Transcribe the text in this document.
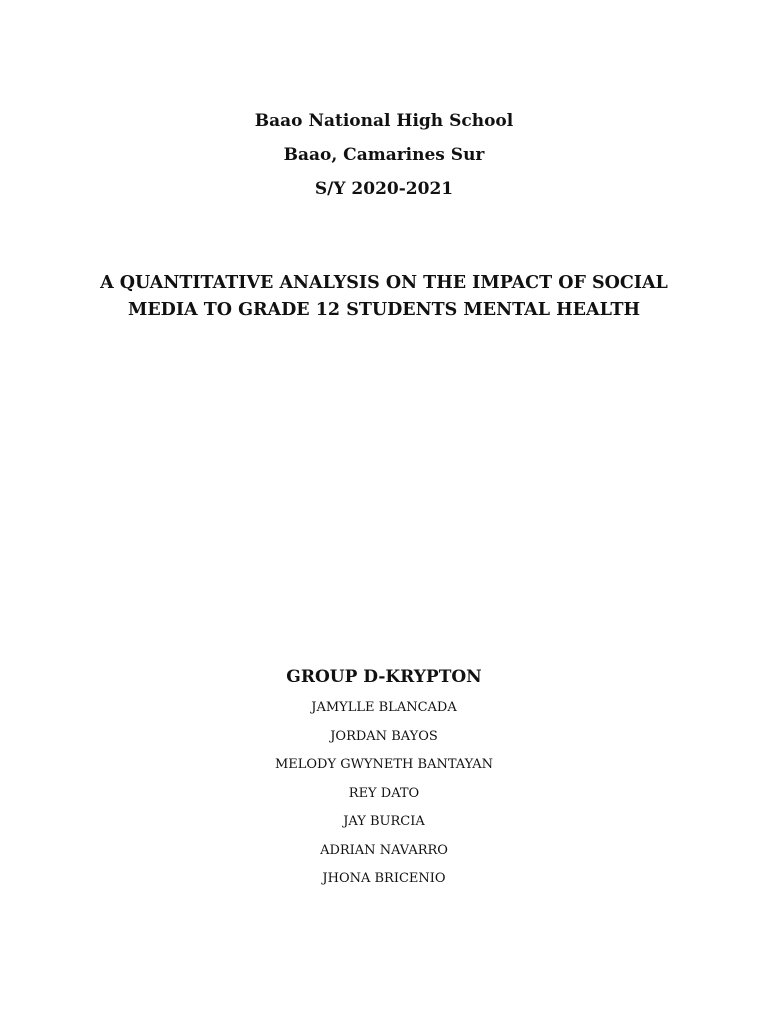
Baao National High School

Baao, Camarines Sur

S/Y 2020-2021

A QUANTITATIVE ANALYSIS ON THE IMPACT OF SOCIAL MEDIA TO GRADE 12 STUDENTS MENTAL HEALTH

GROUP D-KRYPTON

JAMYLLE BLANCADA
JORDAN BAYOS
MELODY GWYNETH BANTAYAN
REY DATO
JAY BURCIA
ADRIAN NAVARRO
JHONA BRICENIO
